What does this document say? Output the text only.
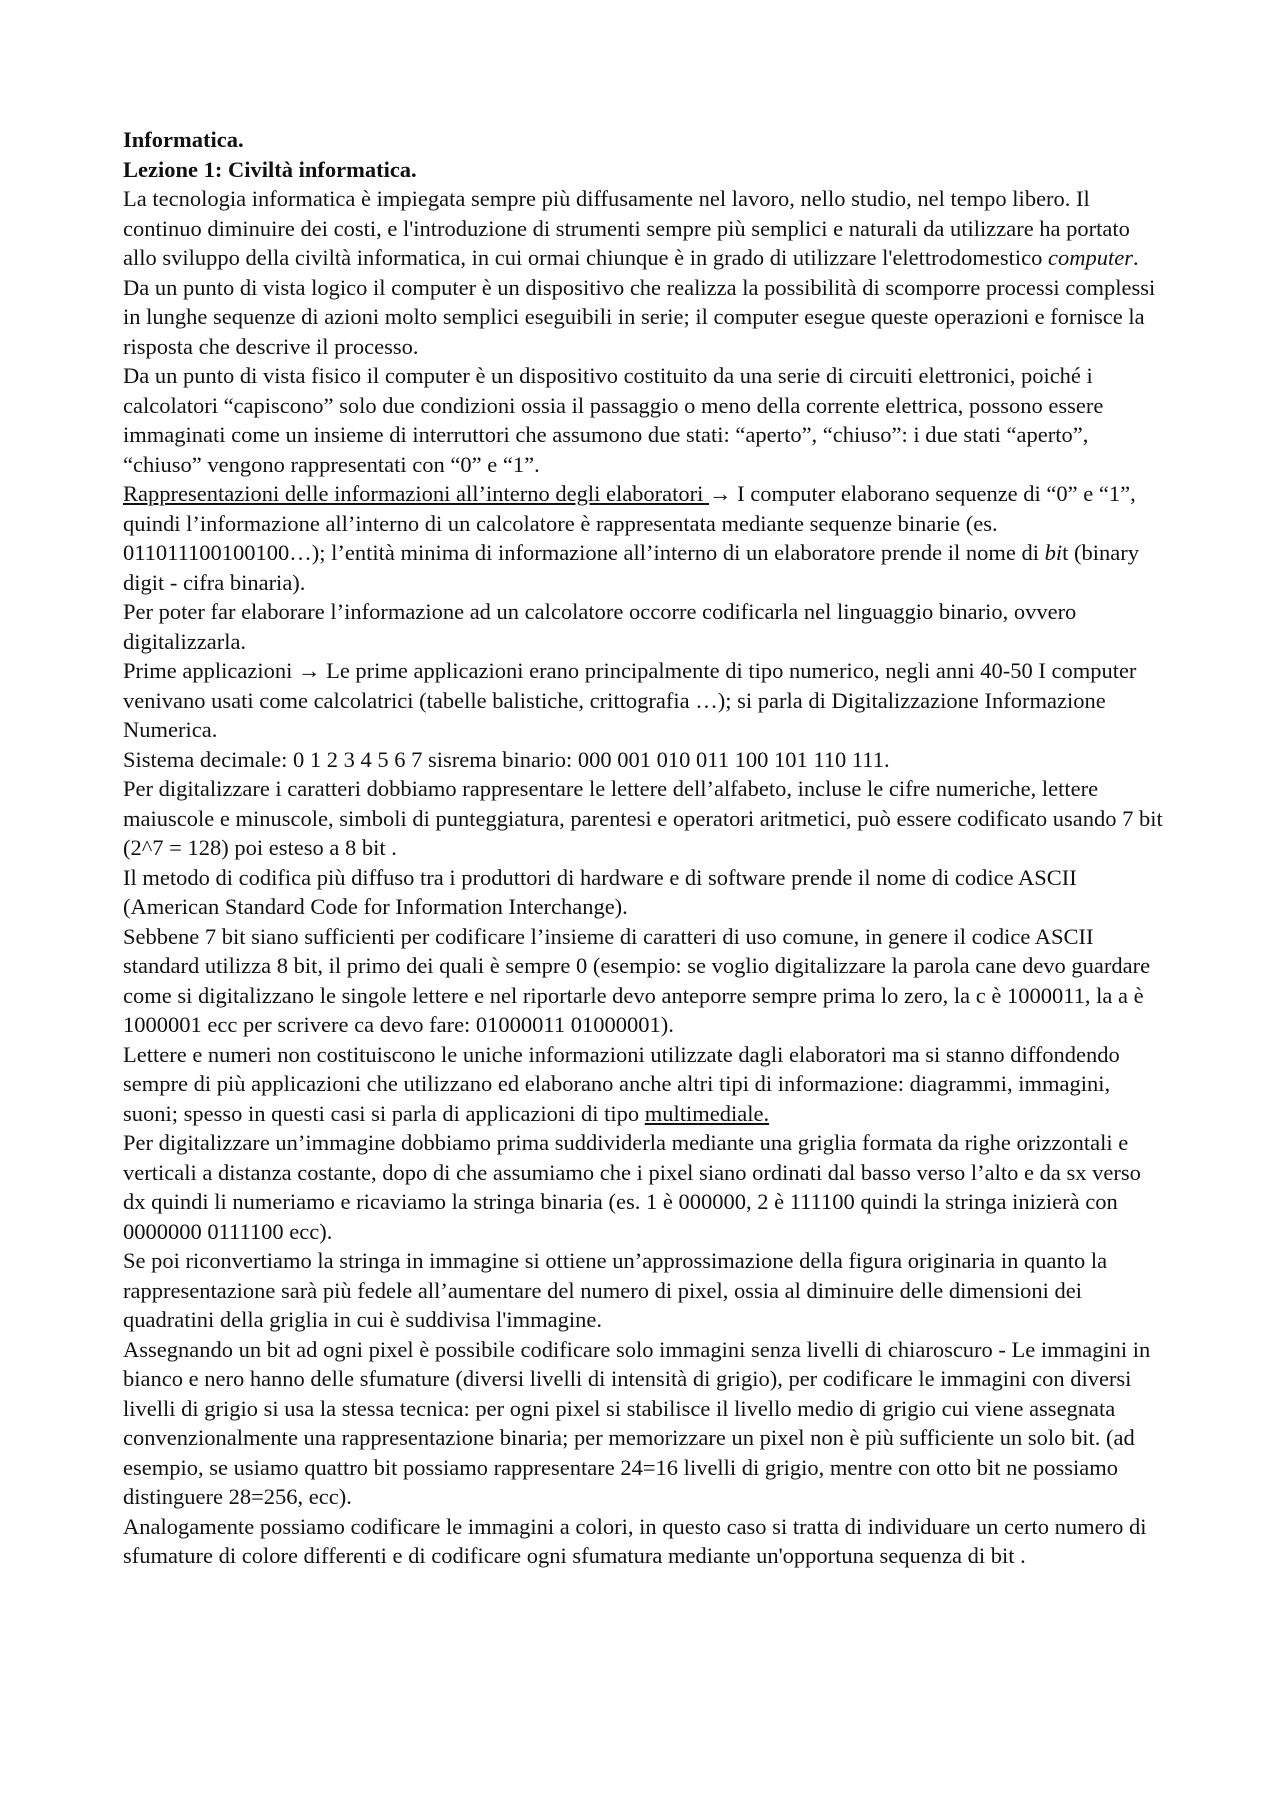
Informatica.

Lezione 1: Civiltà informatica.

La tecnologia informatica è impiegata sempre più diffusamente nel lavoro, nello studio, nel tempo libero. Il continuo diminuire dei costi, e l'introduzione di strumenti sempre più semplici e naturali da utilizzare ha portato allo sviluppo della civiltà informatica, in cui ormai chiunque è in grado di utilizzare l'elettrodomestico computer.

Da un punto di vista logico il computer è un dispositivo che realizza la possibilità di scomporre processi complessi in lunghe sequenze di azioni molto semplici eseguibili in serie; il computer esegue queste operazioni e fornisce la risposta che descrive il processo.

Da un punto di vista fisico il computer è un dispositivo costituito da una serie di circuiti elettronici, poiché i calcolatori “capiscono” solo due condizioni ossia il passaggio o meno della corrente elettrica, possono essere immaginati come un insieme di interruttori che assumono due stati: “aperto”, “chiuso”: i due stati “aperto”, “chiuso” vengono rappresentati con “0” e “1”.

Rappresentazioni delle informazioni all’interno degli elaboratori → I computer elaborano sequenze di “0” e “1”, quindi l’informazione all’interno di un calcolatore è rappresentata mediante sequenze binarie (es. 011011100100100…); l’entità minima di informazione all’interno di un elaboratore prende il nome di bit (binary digit - cifra binaria).

Per poter far elaborare l’informazione ad un calcolatore occorre codificarla nel linguaggio binario, ovvero digitalizzarla.

Prime applicazioni → Le prime applicazioni erano principalmente di tipo numerico, negli anni 40-50 I computer venivano usati come calcolatrici (tabelle balistiche, crittografia …); si parla di Digitalizzazione Informazione Numerica.

Sistema decimale: 0 1 2 3 4 5 6 7 sisrema binario: 000 001 010 011 100 101 110 111.

Per digitalizzare i caratteri dobbiamo rappresentare le lettere dell’alfabeto, incluse le cifre numeriche, lettere maiuscole e minuscole, simboli di punteggiatura, parentesi e operatori aritmetici, può essere codificato usando 7 bit (2^7 = 128) poi esteso a 8 bit .

Il metodo di codifica più diffuso tra i produttori di hardware e di software prende il nome di codice ASCII (American Standard Code for Information Interchange).

Sebbene 7 bit siano sufficienti per codificare l’insieme di caratteri di uso comune, in genere il codice ASCII standard utilizza 8 bit, il primo dei quali è sempre 0 (esempio: se voglio digitalizzare la parola cane devo guardare come si digitalizzano le singole lettere e nel riportarle devo anteporre sempre prima lo zero, la c è 1000011, la a è 1000001 ecc per scrivere ca devo fare: 01000011 01000001).

Lettere e numeri non costituiscono le uniche informazioni utilizzate dagli elaboratori ma si stanno diffondendo sempre di più applicazioni che utilizzano ed elaborano anche altri tipi di informazione: diagrammi, immagini, suoni; spesso in questi casi si parla di applicazioni di tipo multimediale.

Per digitalizzare un’immagine dobbiamo prima suddividerla mediante una griglia formata da righe orizzontali e verticali a distanza costante, dopo di che assumiamo che i pixel siano ordinati dal basso verso l’alto e da sx verso dx quindi li numeriamo e ricaviamo la stringa binaria (es. 1 è 000000, 2 è 111100 quindi la stringa inizierà con 0000000 0111100 ecc).

Se poi riconvertiamo la stringa in immagine si ottiene un’approssimazione della figura originaria in quanto la rappresentazione sarà più fedele all’aumentare del numero di pixel, ossia al diminuire delle dimensioni dei quadratini della griglia in cui è suddivisa l'immagine.

Assegnando un bit ad ogni pixel è possibile codificare solo immagini senza livelli di chiaroscuro - Le immagini in bianco e nero hanno delle sfumature (diversi livelli di intensità di grigio), per codificare le immagini con diversi livelli di grigio si usa la stessa tecnica: per ogni pixel si stabilisce il livello medio di grigio cui viene assegnata convenzionalmente una rappresentazione binaria; per memorizzare un pixel non è più sufficiente un solo bit. (ad esempio, se usiamo quattro bit possiamo rappresentare 24=16 livelli di grigio, mentre con otto bit ne possiamo distinguere 28=256, ecc).

Analogamente possiamo codificare le immagini a colori, in questo caso si tratta di individuare un certo numero di sfumature di colore differenti e di codificare ogni sfumatura mediante un'opportuna sequenza di bit .
